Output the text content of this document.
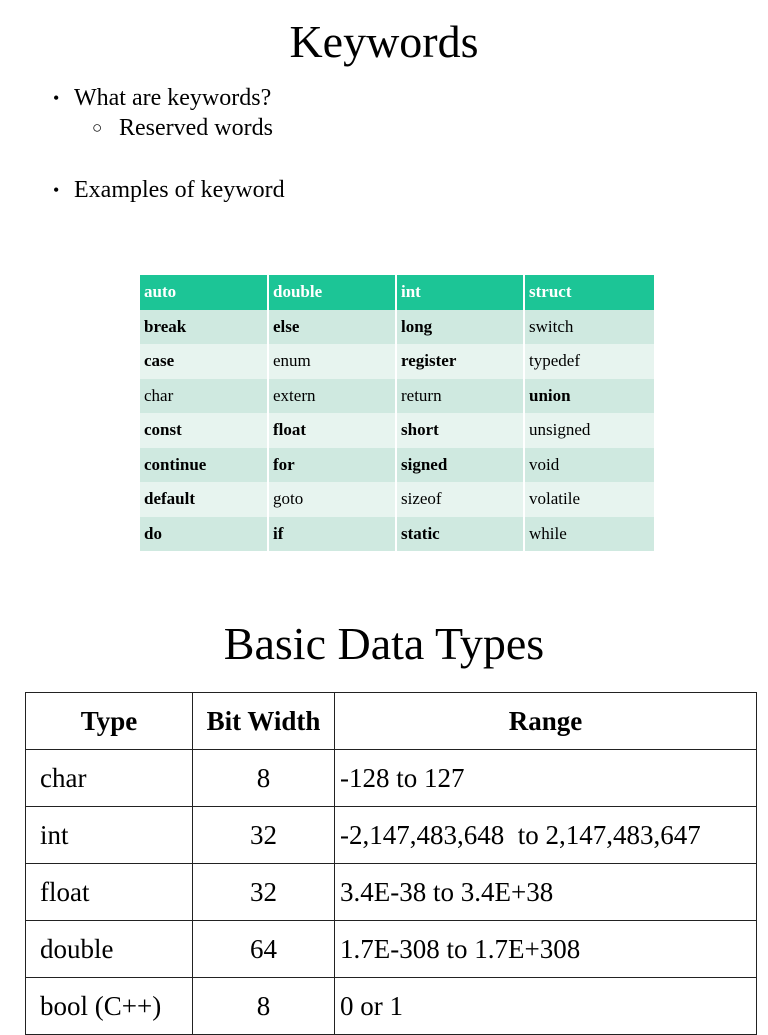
Keywords
• What are keywords?
○ Reserved words
• Examples of keyword
auto	double	int	struct
break	else	long	switch
case	enum	register	typedef
char	extern	return	union
const	float	short	unsigned
continue	for	signed	void
default	goto	sizeof	volatile
do	if	static	while
Basic Data Types
Type	Bit Width	Range
char	8	-128 to 127
int	32	-2,147,483,648  to 2,147,483,647
float	32	3.4E-38 to 3.4E+38
double	64	1.7E-308 to 1.7E+308
bool (C++)	8	0 or 1
